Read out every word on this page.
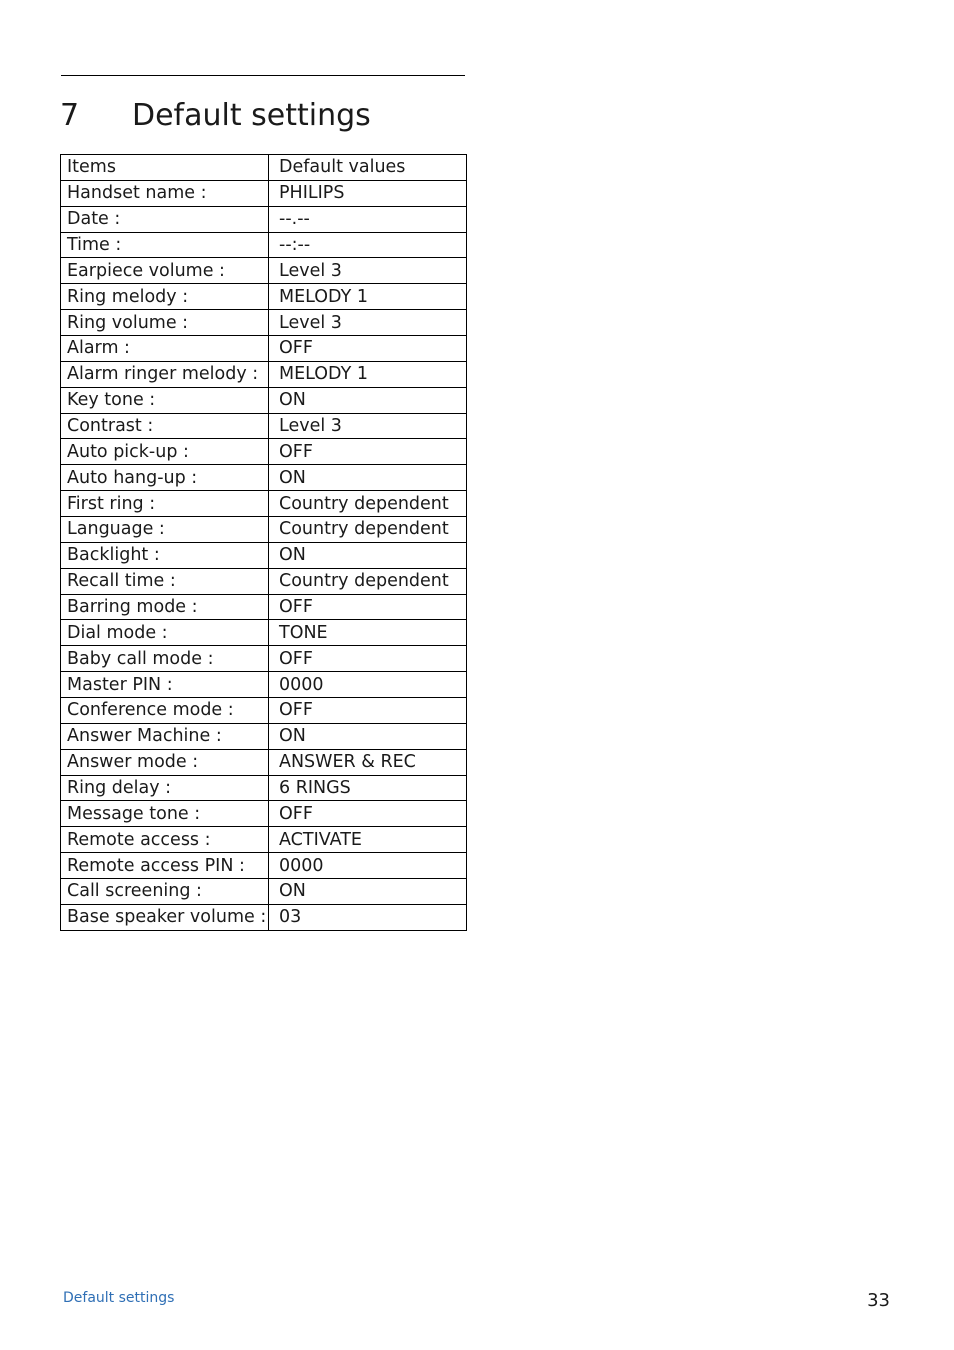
7 Default settings
Items	Default values
Handset name :	PHILIPS
Date :	--.--
Time :	--:--
Earpiece volume :	Level 3
Ring melody :	MELODY 1
Ring volume :	Level 3
Alarm :	OFF
Alarm ringer melody :	MELODY 1
Key tone :	ON
Contrast :	Level 3
Auto pick-up :	OFF
Auto hang-up :	ON
First ring :	Country dependent
Language :	Country dependent
Backlight :	ON
Recall time :	Country dependent
Barring mode :	OFF
Dial mode :	TONE
Baby call mode :	OFF
Master PIN :	0000
Conference mode :	OFF
Answer Machine :	ON
Answer mode :	ANSWER & REC
Ring delay :	6 RINGS
Message tone :	OFF
Remote access :	ACTIVATE
Remote access PIN :	0000
Call screening :	ON
Base speaker volume :	03
Default settings	33
